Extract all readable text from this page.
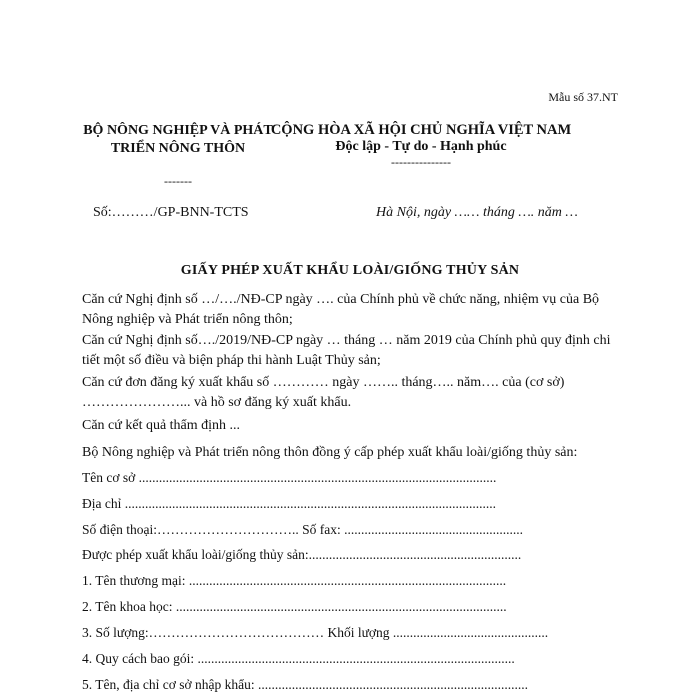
Mẫu số 37.NT
BỘ NÔNG NGHIỆP VÀ PHÁT TRIỂN NÔNG THÔN
-------
CỘNG HÒA XÃ HỘI CHỦ NGHĨA VIỆT NAM
Độc lập - Tự do - Hạnh phúc
---------------
Số:………/GP-BNN-TCTS	Hà Nội, ngày …… tháng …. năm …
GIẤY PHÉP XUẤT KHẨU LOÀI/GIỐNG THỦY SẢN
Căn cứ Nghị định số …/…./NĐ-CP ngày …. của Chính phủ về chức năng, nhiệm vụ của Bộ Nông nghiệp và Phát triển nông thôn;
Căn cứ Nghị định số…./2019/NĐ-CP ngày … tháng … năm 2019 của Chính phủ quy định chi tiết một số điều và biện pháp thi hành Luật Thủy sản;
Căn cứ đơn đăng ký xuất khẩu số ………… ngày …….. tháng….. năm…. của (cơ sở) …………………... và hồ sơ đăng ký xuất khẩu.
Căn cứ kết quả thẩm định ...
Bộ Nông nghiệp và Phát triển nông thôn đồng ý cấp phép xuất khẩu loài/giống thủy sản:
Tên cơ sở ..........................................................................................................
Địa chỉ ..............................................................................................................
Số điện thoại:………………………….. Số fax: .....................................................
Được phép xuất khẩu loài/giống thủy sản:...............................................................
1. Tên thương mại: ..............................................................................................
2. Tên khoa học: ..................................................................................................
3. Số lượng:………………………………… Khối lượng ..............................................
4. Quy cách bao gói: ..............................................................................................
5. Tên, địa chỉ cơ sở nhập khẩu: ................................................................................
